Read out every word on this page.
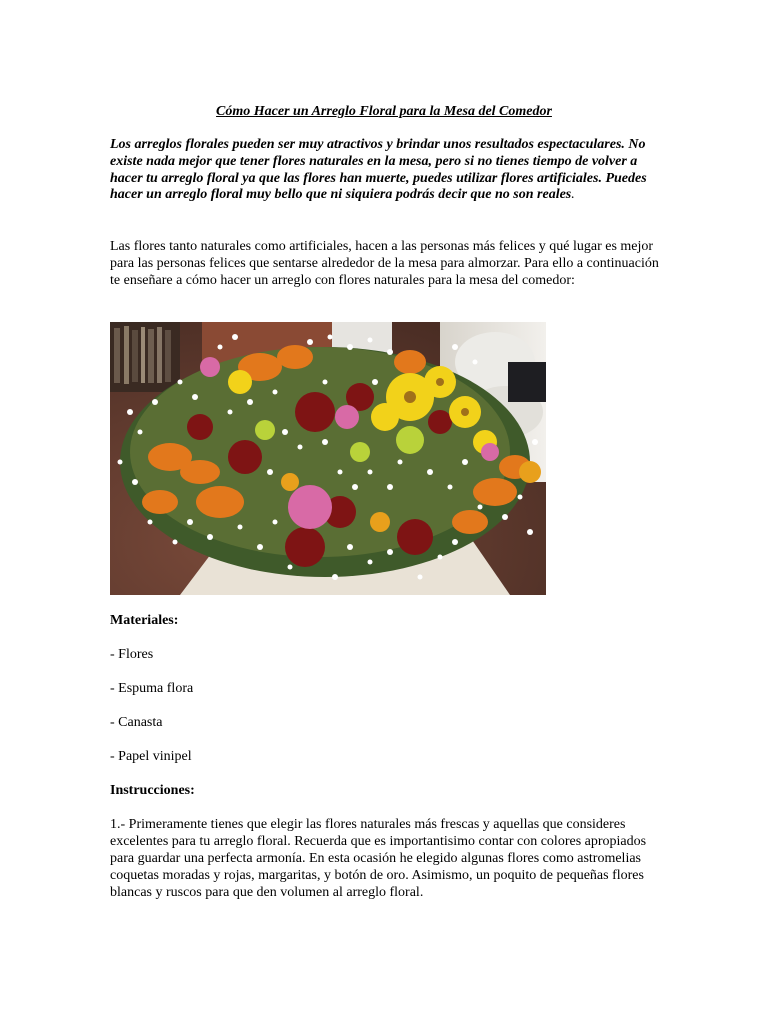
Cómo Hacer un Arreglo Floral para la Mesa del Comedor

Los arreglos florales pueden ser muy atractivos y brindar unos resultados espectaculares. No existe nada mejor que tener flores naturales en la mesa, pero si no tienes tiempo de volver a hacer tu arreglo floral ya que las flores han muerte, puedes utilizar flores artificiales. Puedes hacer un arreglo floral muy bello que ni siquiera podrás decir que no son reales.

Las flores tanto naturales como artificiales, hacen a las personas más felices y qué lugar es mejor para las personas felices que sentarse alrededor de la mesa para almorzar. Para ello a continuación te enseñare a cómo hacer un arreglo con flores naturales para la mesa del comedor:

Materiales:

- Flores

- Espuma flora

- Canasta

- Papel vinipel

Instrucciones:

1.- Primeramente tienes que elegir las flores naturales más frescas y aquellas que consideres excelentes para tu arreglo floral. Recuerda que es importantisimo contar con colores apropiados para guardar una perfecta armonía. En esta ocasión he elegido algunas flores como astromelias coquetas moradas y rojas, margaritas, y botón de oro. Asimismo, un poquito de pequeñas flores blancas y ruscos para que den volumen al arreglo floral.
